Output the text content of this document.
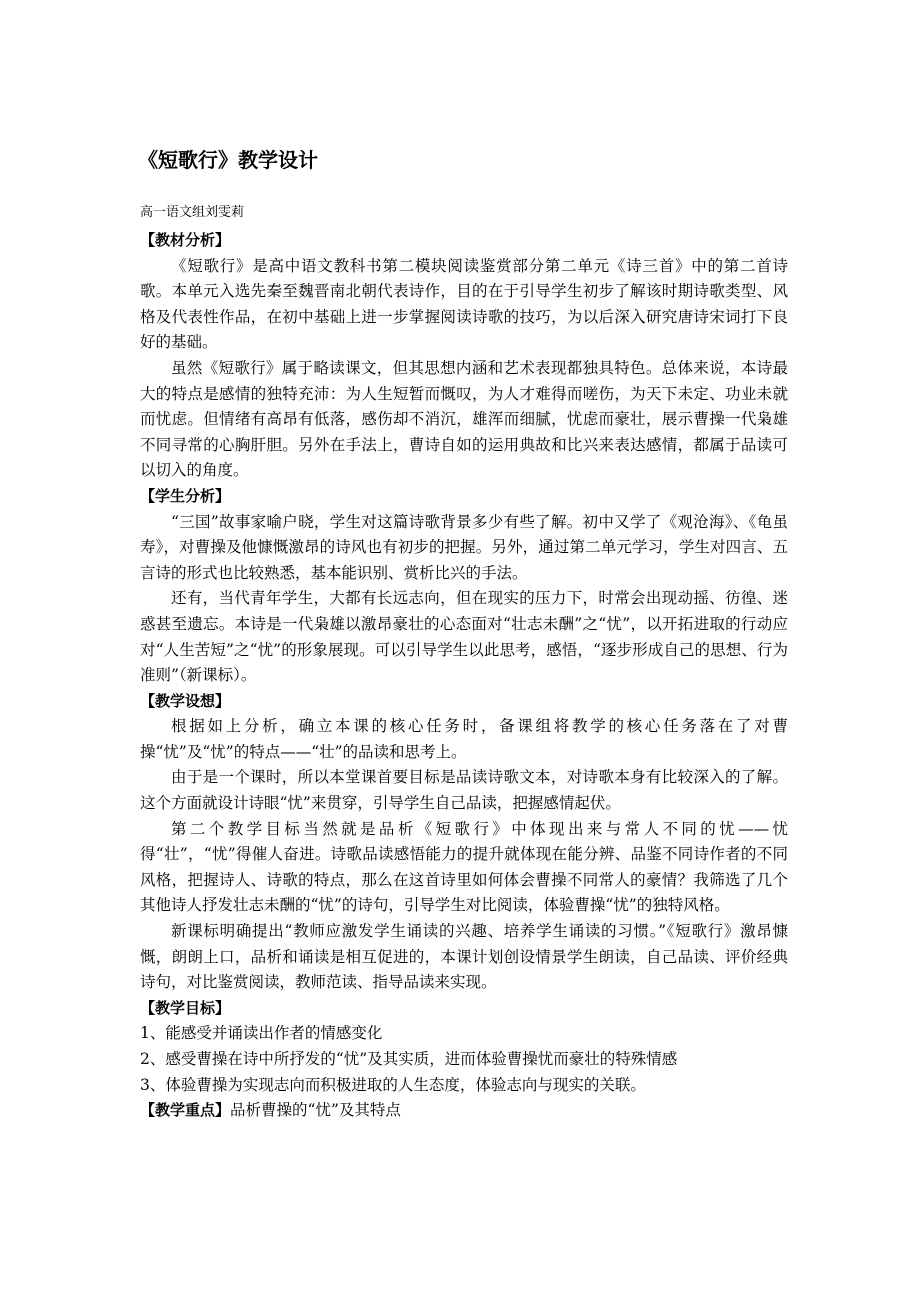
《短歌行》教学设计
高一语文组刘雯莉
【教材分析】

《短歌行》是高中语文教科书第二模块阅读鉴赏部分第二单元《诗三首》中的第二首诗歌。本单元入选先秦至魏晋南北朝代表诗作，目的在于引导学生初步了解该时期诗歌类型、风格及代表性作品，在初中基础上进一步掌握阅读诗歌的技巧，为以后深入研究唐诗宋词打下良好的基础。

虽然《短歌行》属于略读课文，但其思想内涵和艺术表现都独具特色。总体来说，本诗最大的特点是感情的独特充沛：为人生短暂而慨叹，为人才难得而嗟伤，为天下未定、功业未就而忧虑。但情绪有高昂有低落，感伤却不消沉，雄浑而细腻，忧虑而豪壮，展示曹操一代枭雄不同寻常的心胸肝胆。另外在手法上，曹诗自如的运用典故和比兴来表达感情，都属于品读可以切入的角度。

【学生分析】

“三国”故事家喻户晓，学生对这篇诗歌背景多少有些了解。初中又学了《观沧海》、《龟虽寿》，对曹操及他慷慨激昂的诗风也有初步的把握。另外，通过第二单元学习，学生对四言、五言诗的形式也比较熟悉，基本能识别、赏析比兴的手法。

还有，当代青年学生，大都有长远志向，但在现实的压力下，时常会出现动摇、彷徨、迷惑甚至遗忘。本诗是一代枭雄以激昂豪壮的心态面对“壮志未酬”之“忧”，以开拓进取的行动应对“人生苦短”之“忧”的形象展现。可以引导学生以此思考，感悟，“逐步形成自己的思想、行为准则”（新课标）。

【教学设想】

根据如上分析，确立本课的核心任务时，备课组将教学的核心任务落在了对曹操“忧”及“忧”的特点——“壮”的品读和思考上。

由于是一个课时，所以本堂课首要目标是品读诗歌文本，对诗歌本身有比较深入的了解。这个方面就设计诗眼“忧”来贯穿，引导学生自己品读，把握感情起伏。

第二个教学目标当然就是品析《短歌行》中体现出来与常人不同的忧——忧得“壮”，“忧”得催人奋进。诗歌品读感悟能力的提升就体现在能分辨、品鉴不同诗作者的不同风格，把握诗人、诗歌的特点，那么在这首诗里如何体会曹操不同常人的豪情？我筛选了几个其他诗人抒发壮志未酬的“忧”的诗句，引导学生对比阅读，体验曹操“忧”的独特风格。

新课标明确提出“教师应激发学生诵读的兴趣、培养学生诵读的习惯。”《短歌行》激昂慷慨，朗朗上口，品析和诵读是相互促进的，本课计划创设情景学生朗读，自己品读、评价经典诗句，对比鉴赏阅读，教师范读、指导品读来实现。

【教学目标】

1、能感受并诵读出作者的情感变化

2、感受曹操在诗中所抒发的“忧”及其实质，进而体验曹操忧而豪壮的特殊情感

3、体验曹操为实现志向而积极进取的人生态度，体验志向与现实的关联。

【教学重点】品析曹操的“忧”及其特点
